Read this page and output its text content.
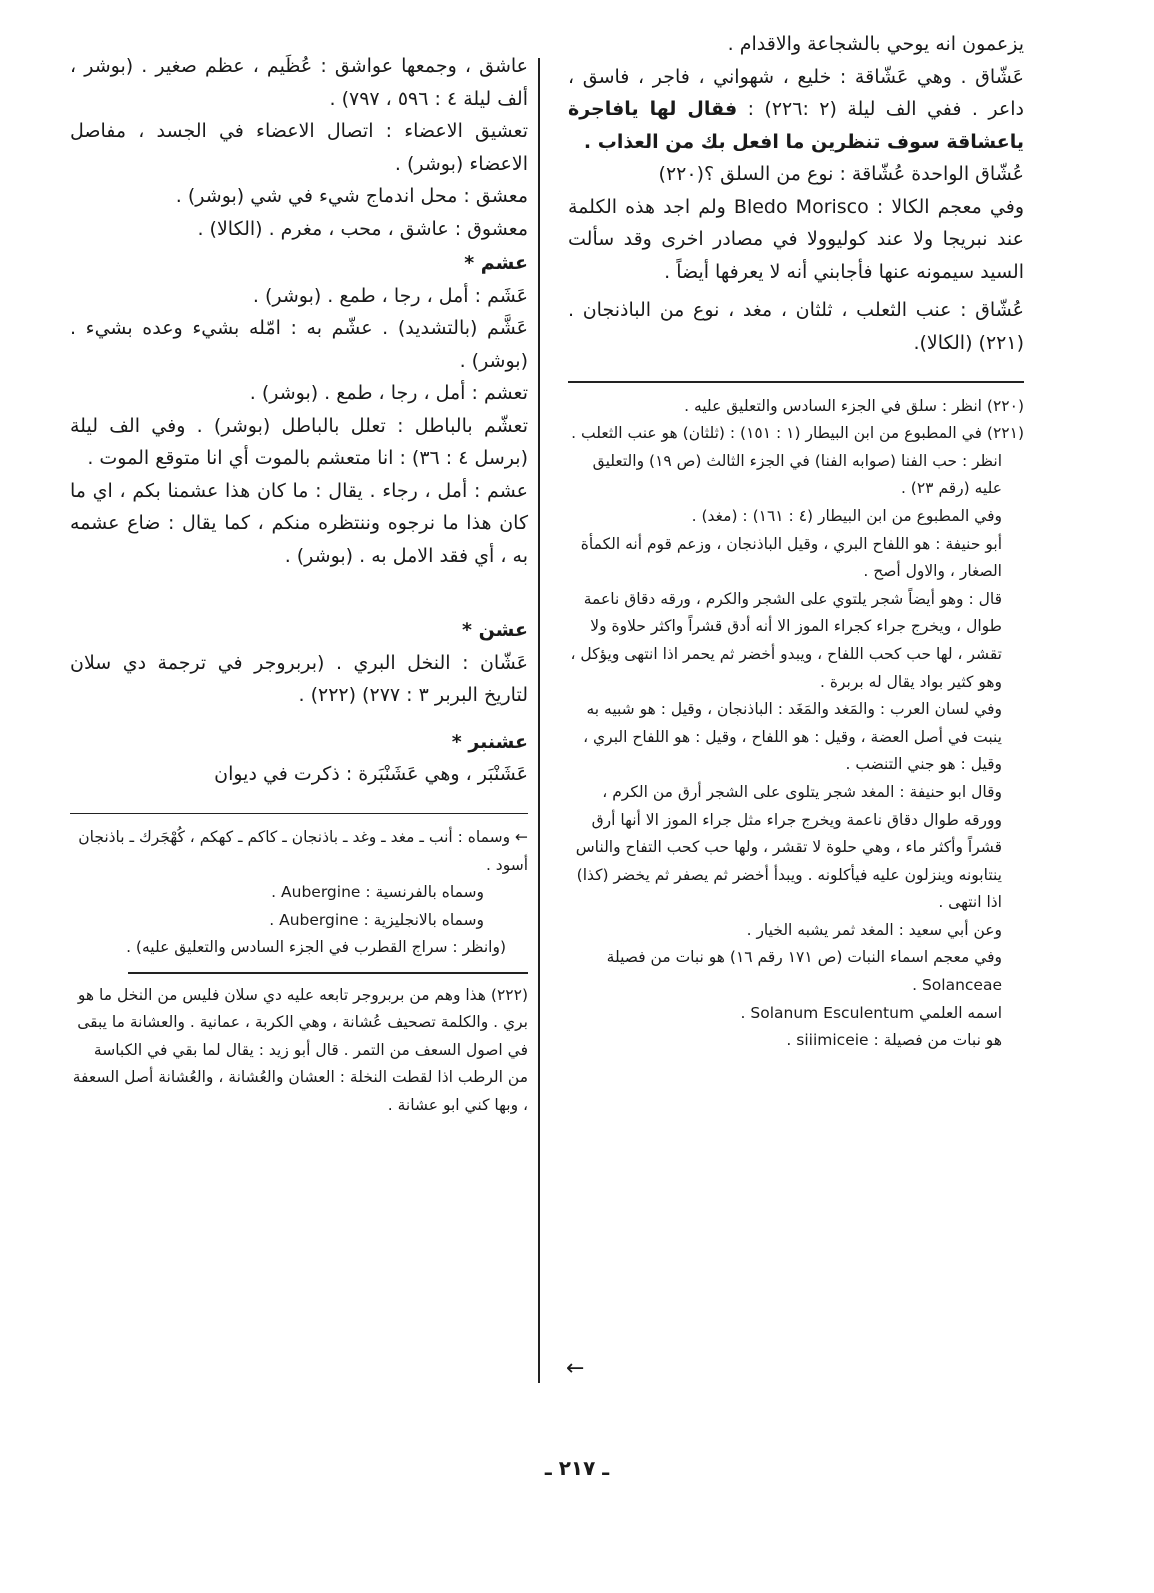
يزعمون انه يوحي بالشجاعة والاقدام .

عَشّاق . وهي عَشّاقة : خليع ، شهواني ، فاجر ، فاسق ، داعر . ففي الف ليلة (٢ :٢٢٦) : فقال لها يافاجرة ياعشاقة سوف تنظرين ما افعل بك من العذاب .

عُشّاق الواحدة عُشّاقة : نوع من السلق ؟(٢٢٠)

وفي معجم الكالا : Bledo Morisco ولم اجد هذه الكلمة عند نبريجا ولا عند كوليوولا في مصادر اخرى وقد سألت السيد سيمونه عنها فأجابني أنه لا يعرفها أيضاً .

عُشّاق : عنب الثعلب ، ثلثان ، مغد ، نوع من الباذنجان . (٢٢١) (الكالا).

(٢٢٠) انظر : سلق في الجزء السادس والتعليق عليه .

(٢٢١) في المطبوع من ابن البيطار (١ : ١٥١) : (ثلثان) هو عنب الثعلب .

انظر : حب الفنا (صوابه الفنا) في الجزء الثالث (ص ١٩) والتعليق عليه (رقم ٢٣) .

وفي المطبوع من ابن البيطار (٤ : ١٦١) : (مغد) .

أبو حنيفة : هو اللفاح البري ، وقيل الباذنجان ، وزعم قوم أنه الكمأة الصغار ، والاول أصح .

قال : وهو أيضاً شجر يلتوي على الشجر والكرم ، ورقه دقاق ناعمة طوال ، ويخرج جراء كجراء الموز الا أنه أدق قشراً واكثر حلاوة ولا تقشر ، لها حب كحب اللفاح ، ويبدو أخضر ثم يحمر اذا انتهى ويؤكل ، وهو كثير بواد يقال له بربرة .

وفي لسان العرب : والمَغد والمَغَد : الباذنجان ، وقيل : هو شبيه به ينبت في أصل العضة ، وقيل : هو اللفاح ، وقيل : هو اللفاح البري ، وقيل : هو جني التنضب .

وقال ابو حنيفة : المغد شجر يتلوى على الشجر أرق من الكرم ، وورقه طوال دقاق ناعمة ويخرج جراء مثل جراء الموز الا أنها أرق قشراً وأكثر ماء ، وهي حلوة لا تقشر ، ولها حب كحب التفاح والناس ينتابونه وينزلون عليه فيأكلونه . ويبدأ أخضر ثم يصفر ثم يخضر (كذا) اذا انتهى .

وعن أبي سعيد : المغد ثمر يشبه الخيار .

وفي معجم اسماء النبات (ص ١٧١ رقم ١٦) هو نبات من فصيلة Solanceae .

اسمه العلمي Solanum Esculentum .

هو نبات من فصيلة : siiimiceie .

عاشق ، وجمعها عواشق : عُظَيم ، عظم صغير . (بوشر ، ألف ليلة ٤ : ٥٩٦ ، ٧٩٧) .

تعشيق الاعضاء : اتصال الاعضاء في الجسد ، مفاصل الاعضاء (بوشر) .

معشق : محل اندماج شيء في شي (بوشر) .

معشوق : عاشق ، محب ، مغرم . (الكالا) .

عشم *

عَشَم : أمل ، رجا ، طمع . (بوشر) .

عَشَّم (بالتشديد) . عشّم به : امّله بشيء وعده بشيء . (بوشر) .

تعشم : أمل ، رجا ، طمع . (بوشر) .

تعشّم بالباطل : تعلل بالباطل (بوشر) . وفي الف ليلة (برسل ٤ : ٣٦) : انا متعشم بالموت أي انا متوقع الموت .

عشم : أمل ، رجاء . يقال : ما كان هذا عشمنا بكم ، اي ما كان هذا ما نرجوه وننتظره منكم ، كما يقال : ضاع عشمه به ، أي فقد الامل به . (بوشر) .

عشن *

عَشّان : النخل البري . (بربروجر في ترجمة دي سلان لتاريخ البربر ٣ : ٢٧٧) (٢٢٢) .

عشنبر *

عَشَنْبَر ، وهي عَشَنْبَرة : ذكرت في ديوان

← وسماه : أنب ـ مغد ـ وغد ـ باذنجان ـ كاكم ـ كهكم ، كُهْجَرك ـ باذنجان أسود .

وسماه بالفرنسية : Aubergine .

وسماه بالانجليزية : Aubergine .

(وانظر : سراج القطرب في الجزء السادس والتعليق عليه) .

(٢٢٢) هذا وهم من بربروجر تابعه عليه دي سلان فليس من النخل ما هو بري . والكلمة تصحيف عُشانة ، وهي الكربة ، عمانية . والعشانة ما يبقى في اصول السعف من التمر . قال أبو زيد : يقال لما بقي في الكباسة من الرطب اذا لقطت النخلة : العشان والعُشانة ، والعُشانة أصل السعفة ، وبها كني ابو عشانة .

←
ـ ٢١٧ ـ
